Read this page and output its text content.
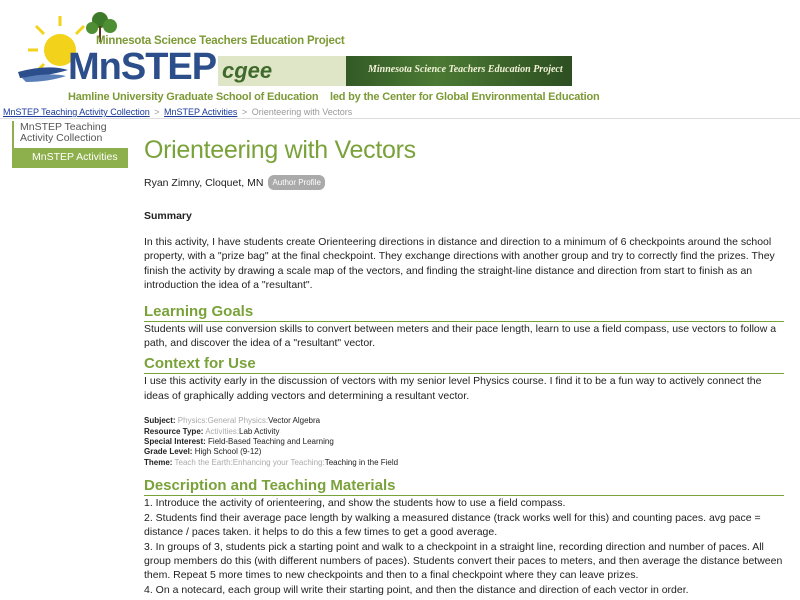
Minnesota Science Teachers Education Project
MnSTEP
Hamline University Graduate School of Education
cgee	Minnesota Science Teachers Education Project
led by the Center for Global Environmental Education
MnSTEP Teaching Activity Collection > MnSTEP Activities > Orienteering with Vectors
MnSTEP Teaching Activity Collection
MnSTEP Activities	Orienteering with Vectors
Ryan Zimny, Cloquet, MN	Author Profile
Summary

In this activity, I have students create Orienteering directions in distance and direction to a minimum of 6 checkpoints around the school property, with a "prize bag" at the final checkpoint. They exchange directions with another group and try to correctly find the prizes. They finish the activity by drawing a scale map of the vectors, and finding the straight-line distance and direction from start to finish as an introduction the idea of a "resultant".

Learning Goals

Students will use conversion skills to convert between meters and their pace length, learn to use a field compass, use vectors to follow a path, and discover the idea of a "resultant" vector.

Context for Use

I use this activity early in the discussion of vectors with my senior level Physics course. I find it to be a fun way to actively connect the ideas of graphically adding vectors and determining a resultant vector.

Subject: Physics:General Physics:Vector Algebra
Resource Type: Activities:Lab Activity
Special Interest: Field-Based Teaching and Learning
Grade Level: High School (9-12)
Theme: Teach the Earth:Enhancing your Teaching:Teaching in the Field
Description and Teaching Materials
1. Introduce the activity of orienteering, and show the students how to use a field compass.
2. Students find their average pace length by walking a measured distance (track works well for this) and counting paces. avg pace = distance / paces taken. it helps to do this a few times to get a good average.
3. In groups of 3, students pick a starting point and walk to a checkpoint in a straight line, recording direction and number of paces. All group members do this (with different numbers of paces). Students convert their paces to meters, and then average the distance between them. Repeat 5 more times to new checkpoints and then to a final checkpoint where they can leave prizes.
4. On a notecard, each group will write their starting point, and then the distance and direction of each vector in order.
